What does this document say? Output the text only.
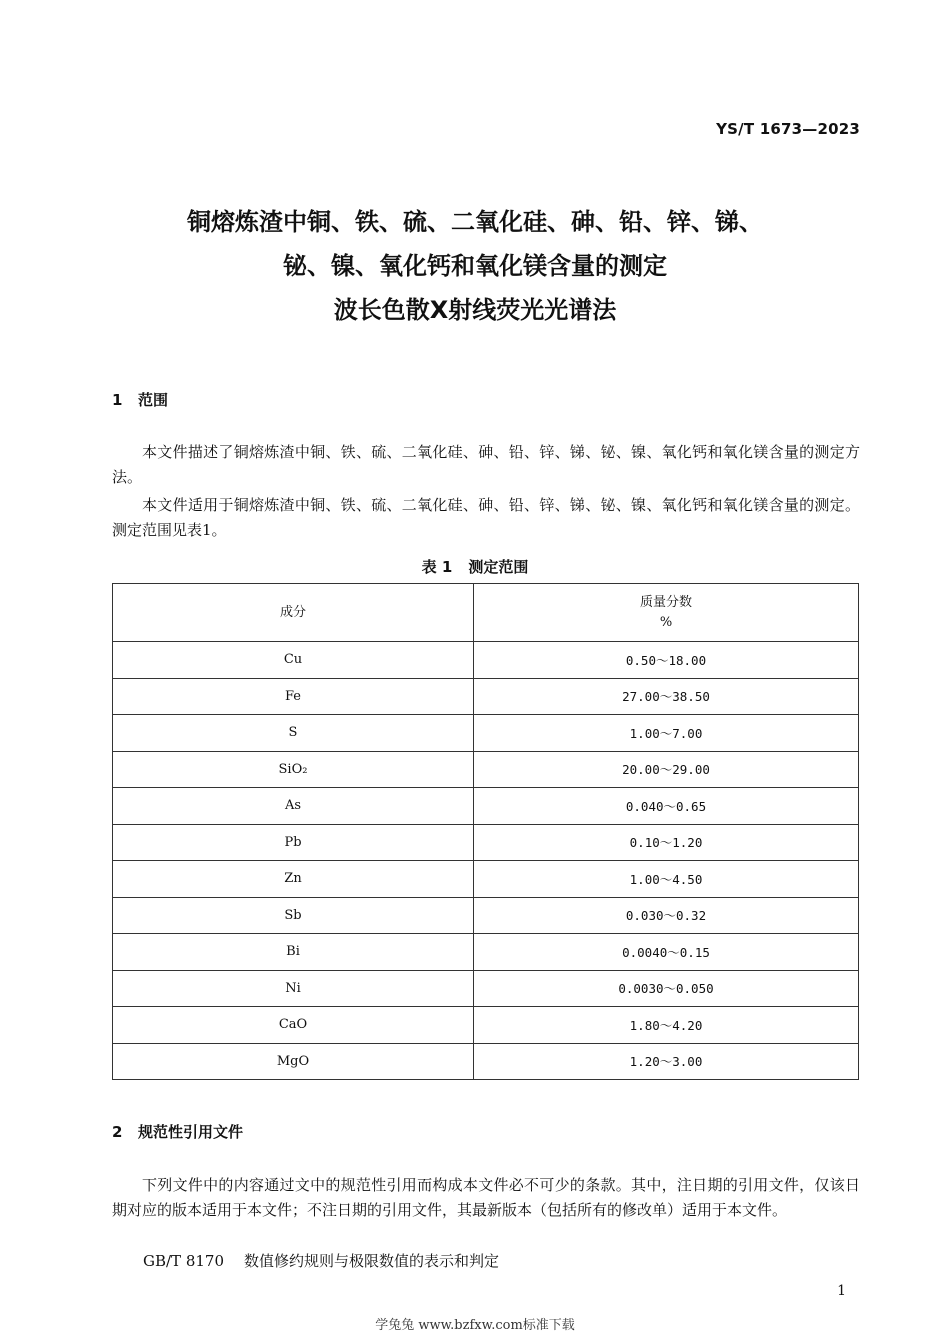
YS/T 1673—2023
铜熔炼渣中铜、铁、硫、二氧化硅、砷、铅、锌、锑、
铋、镍、氧化钙和氧化镁含量的测定
波长色散X射线荧光光谱法
1 范围

本文件描述了铜熔炼渣中铜、铁、硫、二氧化硅、砷、铅、锌、锑、铋、镍、氧化钙和氧化镁含量的测定方法。

本文件适用于铜熔炼渣中铜、铁、硫、二氧化硅、砷、铅、锌、锑、铋、镍、氧化钙和氧化镁含量的测定。测定范围见表1。

表 1 测定范围
成分	质量分数
%

Cu	0.50～18.00
Fe	27.00～38.50
S	1.00～7.00
SiO₂	20.00～29.00
As	0.040～0.65
Pb	0.10～1.20
Zn	1.00～4.50
Sb	0.030～0.32
Bi	0.0040～0.15
Ni	0.0030～0.050
CaO	1.80～4.20
MgO	1.20～3.00
2 规范性引用文件

下列文件中的内容通过文中的规范性引用而构成本文件必不可少的条款。其中，注日期的引用文件，仅该日期对应的版本适用于本文件；不注日期的引用文件，其最新版本（包括所有的修改单）适用于本文件。

GB/T 8170 数值修约规则与极限数值的表示和判定
1
学兔兔 www.bzfxw.com标准下载
